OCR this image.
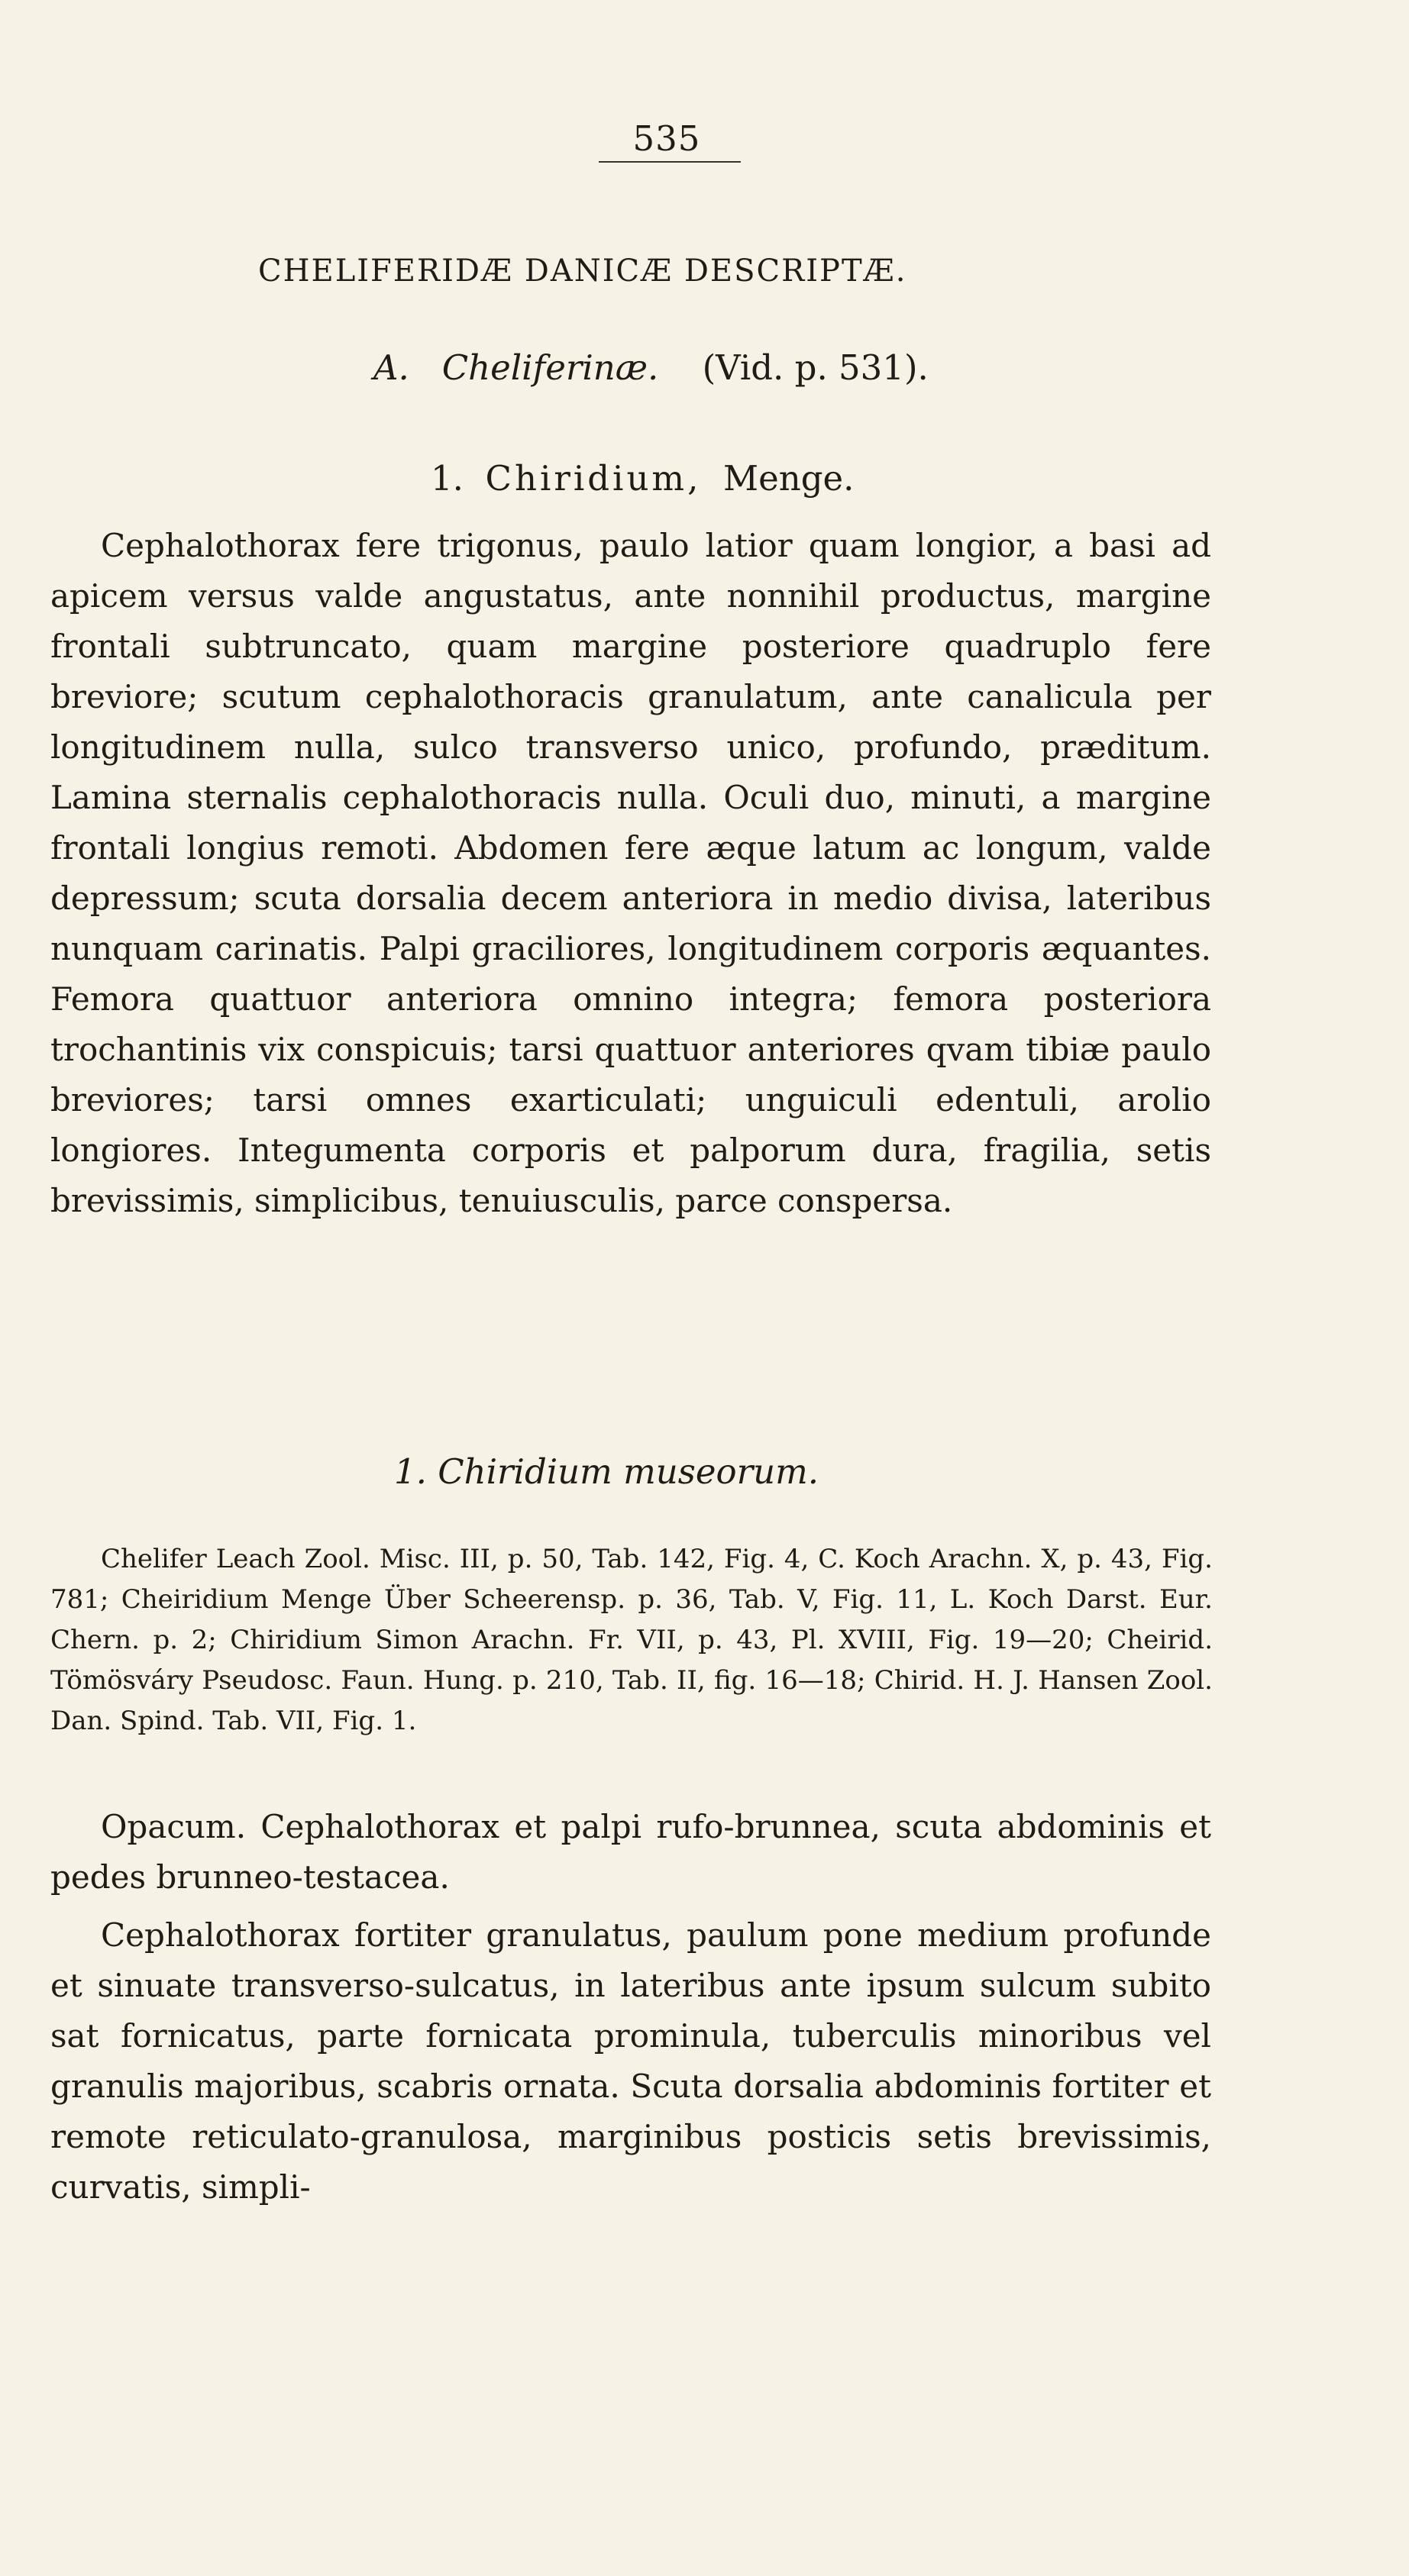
535
CHELIFERIDÆ DANICÆ DESCRIPTÆ.
A. Cheliferinæ. (Vid. p. 531).
1. Chiridium, Menge.

Cephalothorax fere trigonus, paulo latior quam longior, a basi ad apicem versus valde angustatus, ante nonnihil productus, margine frontali subtruncato, quam margine posteriore quadruplo fere breviore; scutum cephalothoracis granulatum, ante canalicula per longitudinem nulla, sulco transverso unico, profundo, præditum. Lamina sternalis cephalothoracis nulla. Oculi duo, minuti, a margine frontali longius remoti. Abdomen fere æque latum ac longum, valde depressum; scuta dorsalia decem anteriora in medio divisa, lateribus nunquam carinatis. Palpi graciliores, longitudinem corporis æquantes. Femora quattuor anteriora omnino integra; femora posteriora trochantinis vix conspicuis; tarsi quattuor anteriores qvam tibiæ paulo breviores; tarsi omnes exarticulati; unguiculi edentuli, arolio longiores. Integumenta corporis et palporum dura, fragilia, setis brevissimis, simplicibus, tenuiusculis, parce conspersa.

1. Chiridium museorum.

Chelifer Leach Zool. Misc. III, p. 50, Tab. 142, Fig. 4, C. Koch Arachn. X, p. 43, Fig. 781; Cheiridium Menge Über Scheerensp. p. 36, Tab. V, Fig. 11, L. Koch Darst. Eur. Chern. p. 2; Chiridium Simon Arachn. Fr. VII, p. 43, Pl. XVIII, Fig. 19—20; Cheirid. Tömösváry Pseudosc. Faun. Hung. p. 210, Tab. II, fig. 16—18; Chirid. H. J. Hansen Zool. Dan. Spind. Tab. VII, Fig. 1.

Opacum. Cephalothorax et palpi rufo-brunnea, scuta abdominis et pedes brunneo-testacea.

Cephalothorax fortiter granulatus, paulum pone medium profunde et sinuate transverso-sulcatus, in lateribus ante ipsum sulcum subito sat fornicatus, parte fornicata prominula, tuberculis minoribus vel granulis majoribus, scabris ornata. Scuta dorsalia abdominis fortiter et remote reticulato-granulosa, marginibus posticis setis brevissimis, curvatis, simpli-
